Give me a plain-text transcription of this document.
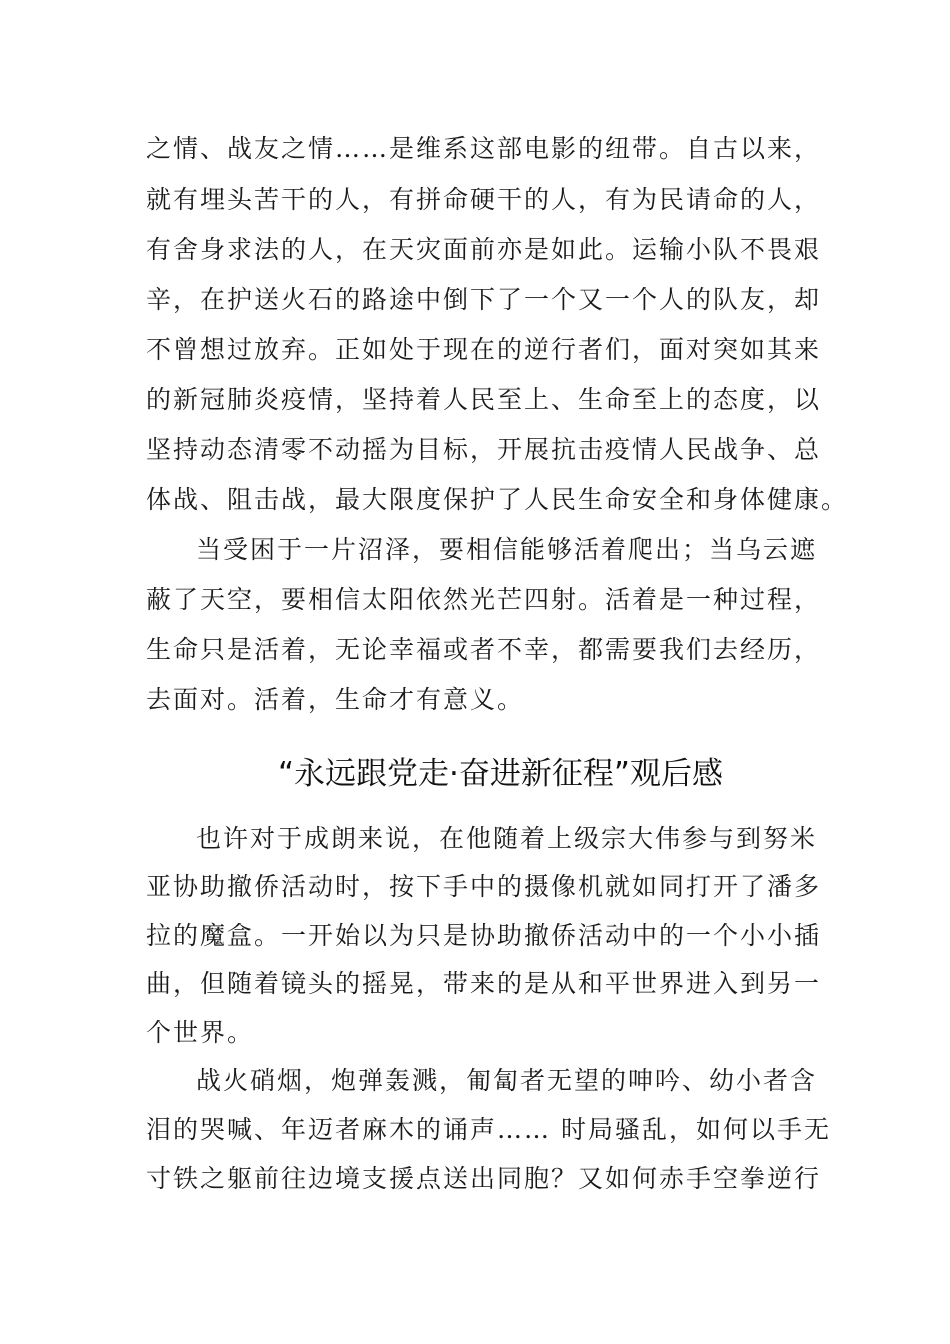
之情、战友之情……是维系这部电影的纽带。自古以来，
就有埋头苦干的人，有拼命硬干的人，有为民请命的人，
有舍身求法的人，在天灾面前亦是如此。运输小队不畏艰
辛，在护送火石的路途中倒下了一个又一个人的队友，却
不曾想过放弃。正如处于现在的逆行者们，面对突如其来
的新冠肺炎疫情，坚持着人民至上、生命至上的态度，以
坚持动态清零不动摇为目标，开展抗击疫情人民战争、总
体战、阻击战，最大限度保护了人民生命安全和身体健康。
当受困于一片沼泽，要相信能够活着爬出；当乌云遮
蔽了天空，要相信太阳依然光芒四射。活着是一种过程，
生命只是活着，无论幸福或者不幸，都需要我们去经历，
去面对。活着，生命才有意义。
“永远跟党走·奋进新征程”观后感
也许对于成朗来说，在他随着上级宗大伟参与到努米
亚协助撤侨活动时，按下手中的摄像机就如同打开了潘多
拉的魔盒。一开始以为只是协助撤侨活动中的一个小小插
曲，但随着镜头的摇晃，带来的是从和平世界进入到另一
个世界。
战火硝烟，炮弹轰溅，匍匐者无望的呻吟、幼小者含
泪的哭喊、年迈者麻木的诵声…… 时局骚乱，如何以手无
寸铁之躯前往边境支援点送出同胞？又如何赤手空拳逆行
